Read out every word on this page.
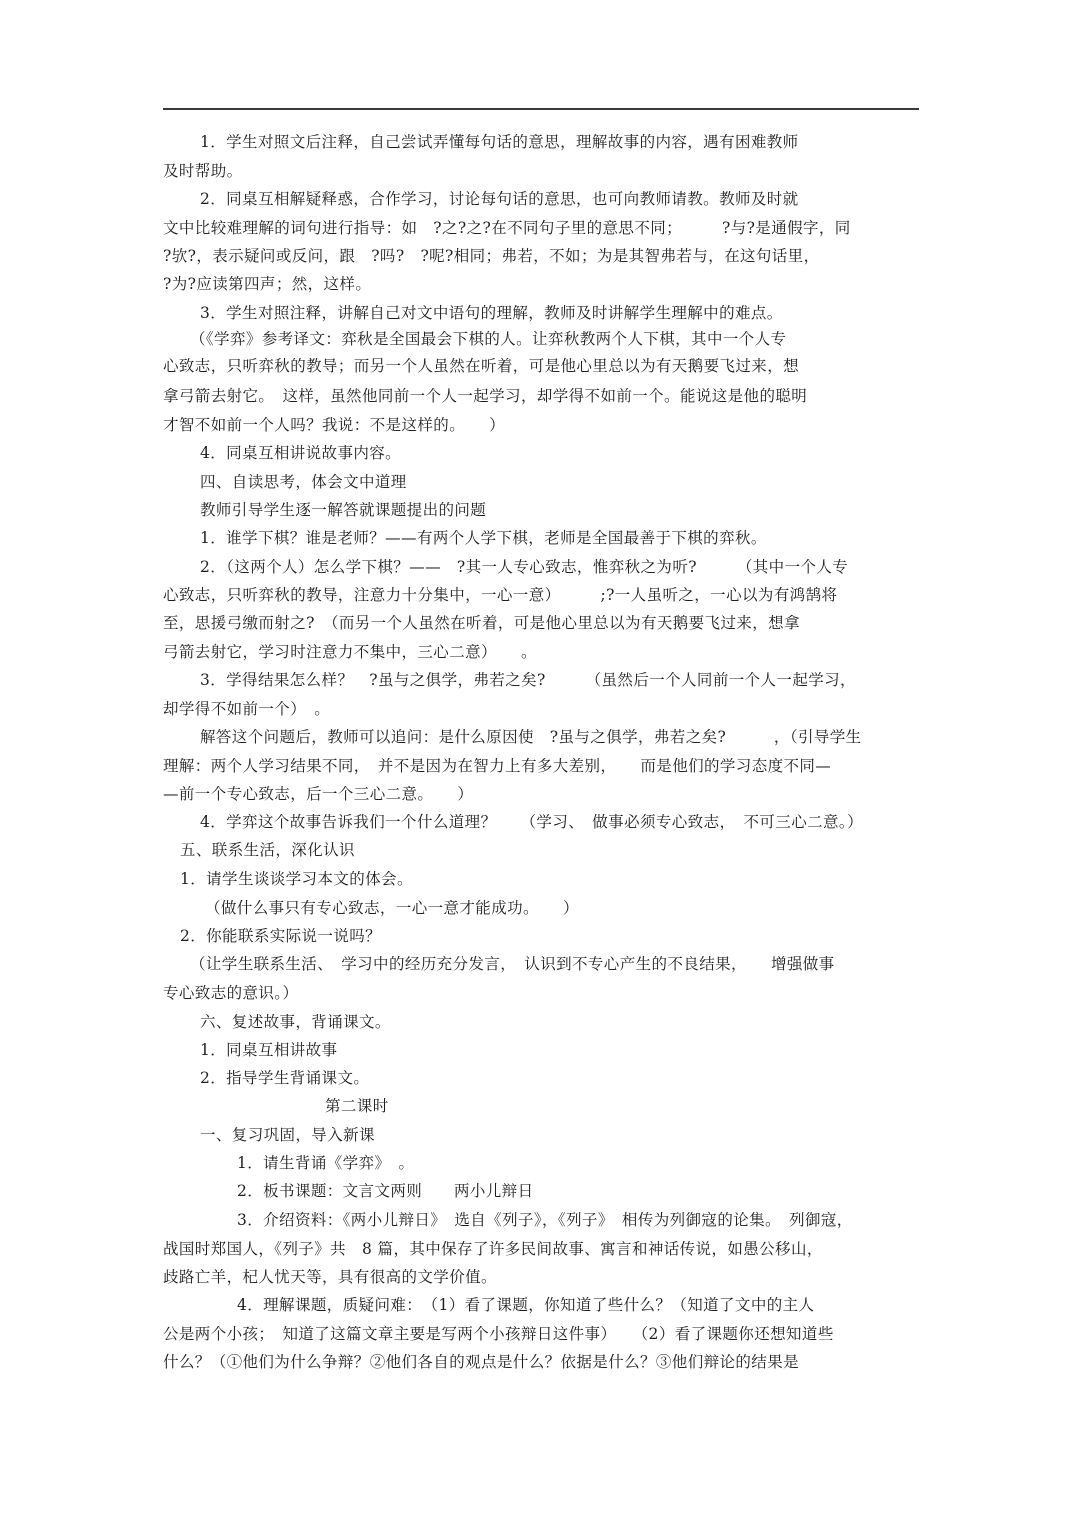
1．学生对照文后注释，自己尝试弄懂每句话的意思，理解故事的内容，遇有困难教师
及时帮助。
2．同桌互相解疑释惑，合作学习，讨论每句话的意思，也可向教师请教。教师及时就
文中比较难理解的词句进行指导：如　?之?之?在不同句子里的意思不同；　　　?与?是通假字，同
?欤?，表示疑问或反问，跟　?吗?　?呢?相同；弗若，不如；为是其智弗若与，在这句话里，
?为?应读第四声；然，这样。
3．学生对照注释，讲解自己对文中语句的理解，教师及时讲解学生理解中的难点。
（《学弈》参考译文：弈秋是全国最会下棋的人。让弈秋教两个人下棋，其中一个人专
心致志，只听弈秋的教导；而另一个人虽然在听着，可是他心里总以为有天鹅要飞过来，想
拿弓箭去射它。　这样，虽然他同前一个人一起学习，却学得不如前一个。能说这是他的聪明
才智不如前一个人吗？我说：不是这样的。　　）
4．同桌互相讲说故事内容。
四、自读思考，体会文中道理
教师引导学生逐一解答就课题提出的问题
1．谁学下棋？谁是老师？——有两个人学下棋，老师是全国最善于下棋的弈秋。
2．（这两个人）怎么学下棋？——　?其一人专心致志，惟弈秋之为听?　　　（其中一个人专
心致志，只听弈秋的教导，注意力十分集中，一心一意）　　　;?一人虽听之，一心以为有鸿鹄将
至，思援弓缴而射之?　（而另一个人虽然在听着，可是他心里总以为有天鹅要飞过来，想拿
弓箭去射它，学习时注意力不集中，三心二意）　　。
3．学得结果怎么样？　?虽与之俱学，弗若之矣?　　　（虽然后一个人同前一个人一起学习，
却学得不如前一个）　。
解答这个问题后，教师可以追问：是什么原因使　?虽与之俱学，弗若之矣?　　　，（引导学生
理解：两个人学习结果不同，　并不是因为在智力上有多大差别，　　而是他们的学习态度不同—
—前一个专心致志，后一个三心二意。　　）
4．学弈这个故事告诉我们一个什么道理？　　（学习、　做事必须专心致志，　不可三心二意。）
五、联系生活，深化认识
1．请学生谈谈学习本文的体会。
（做什么事只有专心致志，一心一意才能成功。　　）
2．你能联系实际说一说吗？
（让学生联系生活、　学习中的经历充分发言，　认识到不专心产生的不良结果，　　增强做事
专心致志的意识。）
六、复述故事，背诵课文。
1．同桌互相讲故事
2．指导学生背诵课文。
第二课时
一、复习巩固，导入新课
1．请生背诵《学弈》　。
2．板书课题：文言文两则　　两小儿辩日
3．介绍资料：《两小儿辩日》　选自《列子》，《列子》　相传为列御寇的论集。　列御寇，
战国时郑国人，《列子》共　8 篇，其中保存了许多民间故事、寓言和神话传说，如愚公移山，
歧路亡羊，杞人忧天等，具有很高的文学价值。
4．理解课题，质疑问难：　（1）看了课题，你知道了些什么？（知道了文中的主人
公是两个小孩；　知道了这篇文章主要是写两个小孩辩日这件事）　　（2）看了课题你还想知道些
什么？（①他们为什么争辩？②他们各自的观点是什么？依据是什么？③他们辩论的结果是
